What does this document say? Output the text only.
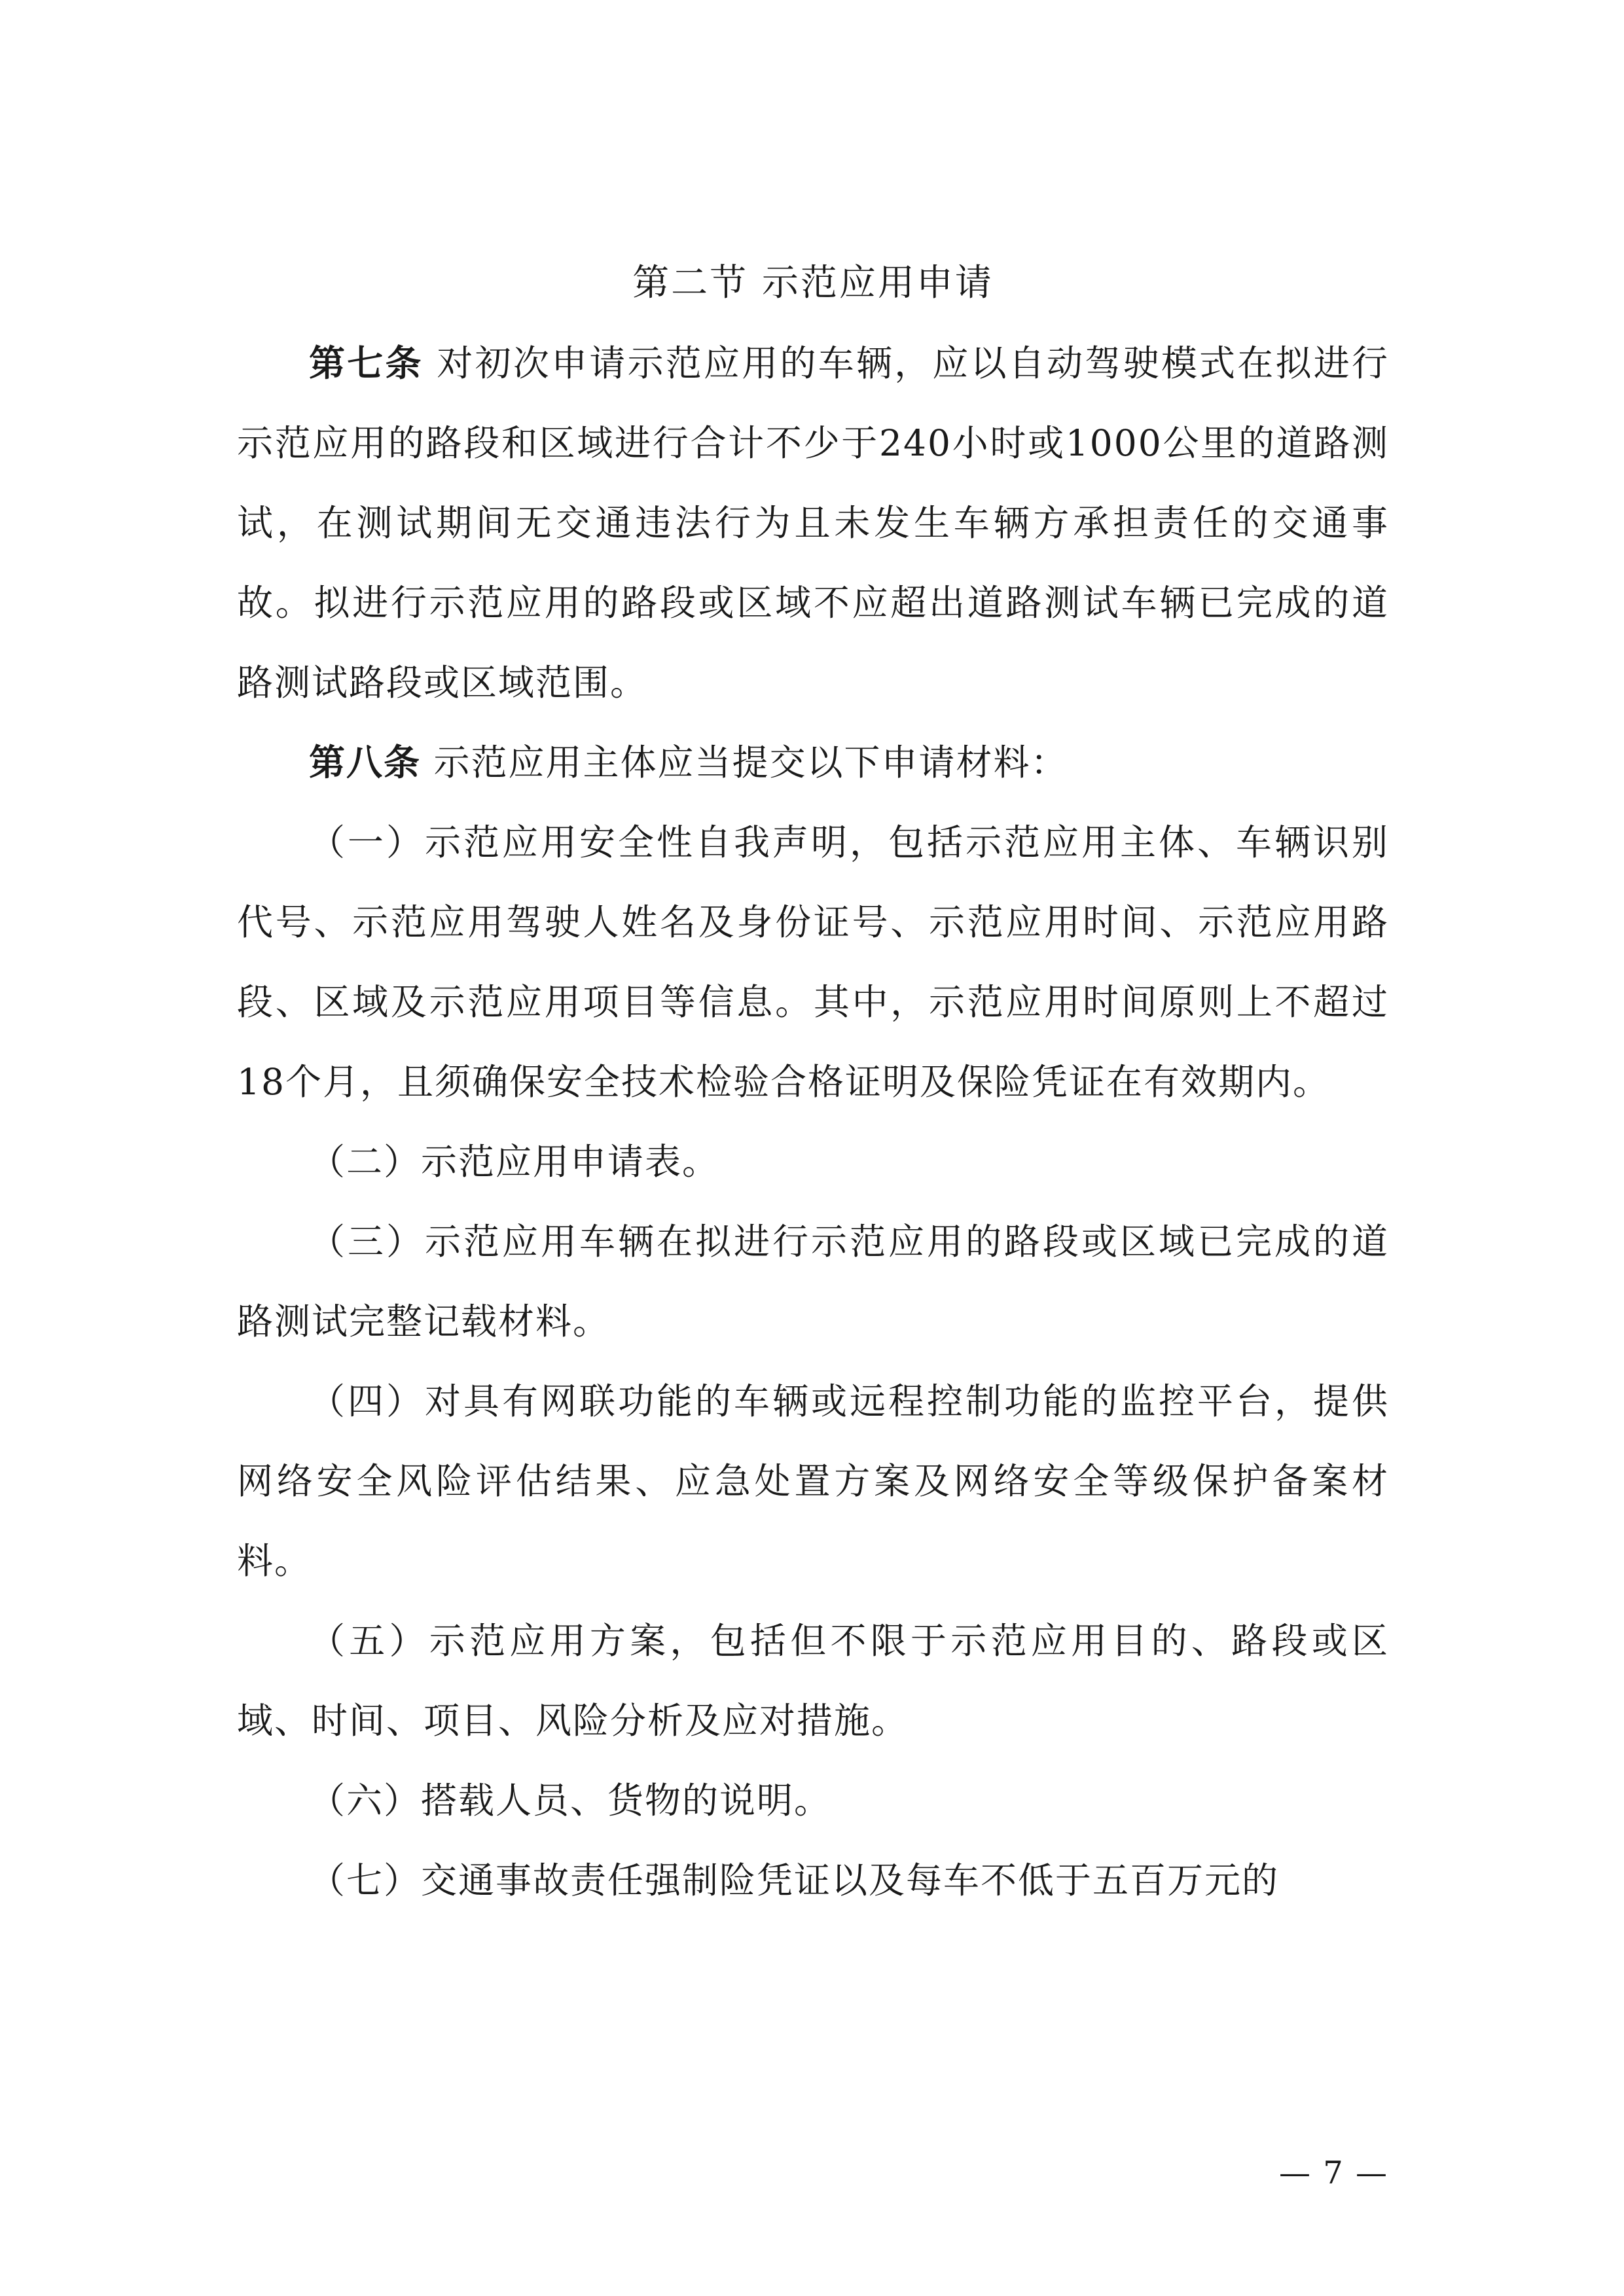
第二节 示范应用申请

第七条 对初次申请示范应用的车辆，应以自动驾驶模式在拟进行示范应用的路段和区域进行合计不少于240小时或1000公里的道路测试，在测试期间无交通违法行为且未发生车辆方承担责任的交通事故。拟进行示范应用的路段或区域不应超出道路测试车辆已完成的道路测试路段或区域范围。

第八条 示范应用主体应当提交以下申请材料：

（一）示范应用安全性自我声明，包括示范应用主体、车辆识别代号、示范应用驾驶人姓名及身份证号、示范应用时间、示范应用路段、区域及示范应用项目等信息。其中，示范应用时间原则上不超过18个月，且须确保安全技术检验合格证明及保险凭证在有效期内。

（二）示范应用申请表。

（三）示范应用车辆在拟进行示范应用的路段或区域已完成的道路测试完整记载材料。

（四）对具有网联功能的车辆或远程控制功能的监控平台，提供网络安全风险评估结果、应急处置方案及网络安全等级保护备案材料。

（五）示范应用方案，包括但不限于示范应用目的、路段或区域、时间、项目、风险分析及应对措施。

（六）搭载人员、货物的说明。

（七）交通事故责任强制险凭证以及每车不低于五百万元的

— 7 —
